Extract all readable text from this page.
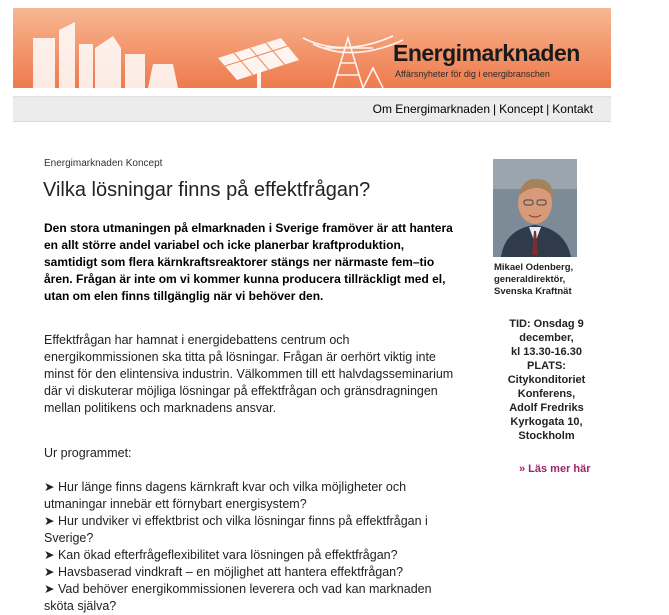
Energimarknaden
Affärsnyheter för dig i energibranschen
Om Energimarknaden | Koncept | Kontakt
Energimarknaden Koncept
Vilka lösningar finns på effektfrågan?

Den stora utmaningen på elmarknaden i Sverige framöver är att hantera en allt större andel variabel och icke planerbar kraftproduktion, samtidigt som flera kärnkraftsreaktorer stängs ner närmaste fem–tio åren. Frågan är inte om vi kommer kunna producera tillräckligt med el, utan om elen finns tillgänglig när vi behöver den.

Effektfrågan har hamnat i energidebattens centrum och energikommissionen ska titta på lösningar. Frågan är oerhört viktig inte minst för den elintensiva industrin. Välkommen till ett halvdagsseminarium där vi diskuterar möjliga lösningar på effektfrågan och gränsdragningen mellan politikens och marknadens ansvar.

Ur programmet:
➤ Hur länge finns dagens kärnkraft kvar och vilka möjligheter och utmaningar innebär ett förnybart energisystem?
➤ Hur undviker vi effektbrist och vilka lösningar finns på effektfrågan i Sverige?
➤ Kan ökad efterfrågeflexibilitet vara lösningen på effektfrågan?
➤ Havsbaserad vindkraft – en möjlighet att hantera effektfrågan?
➤ Vad behöver energikommissionen leverera och vad kan marknaden sköta själva?
Mikael Odenberg,
generaldirektör,
Svenska Kraftnät
TID: Onsdag 9
december,
kl 13.30-16.30
PLATS:
Citykonditoriet
Konferens,
Adolf Fredriks
Kyrkogata 10,
Stockholm
» Läs mer här
